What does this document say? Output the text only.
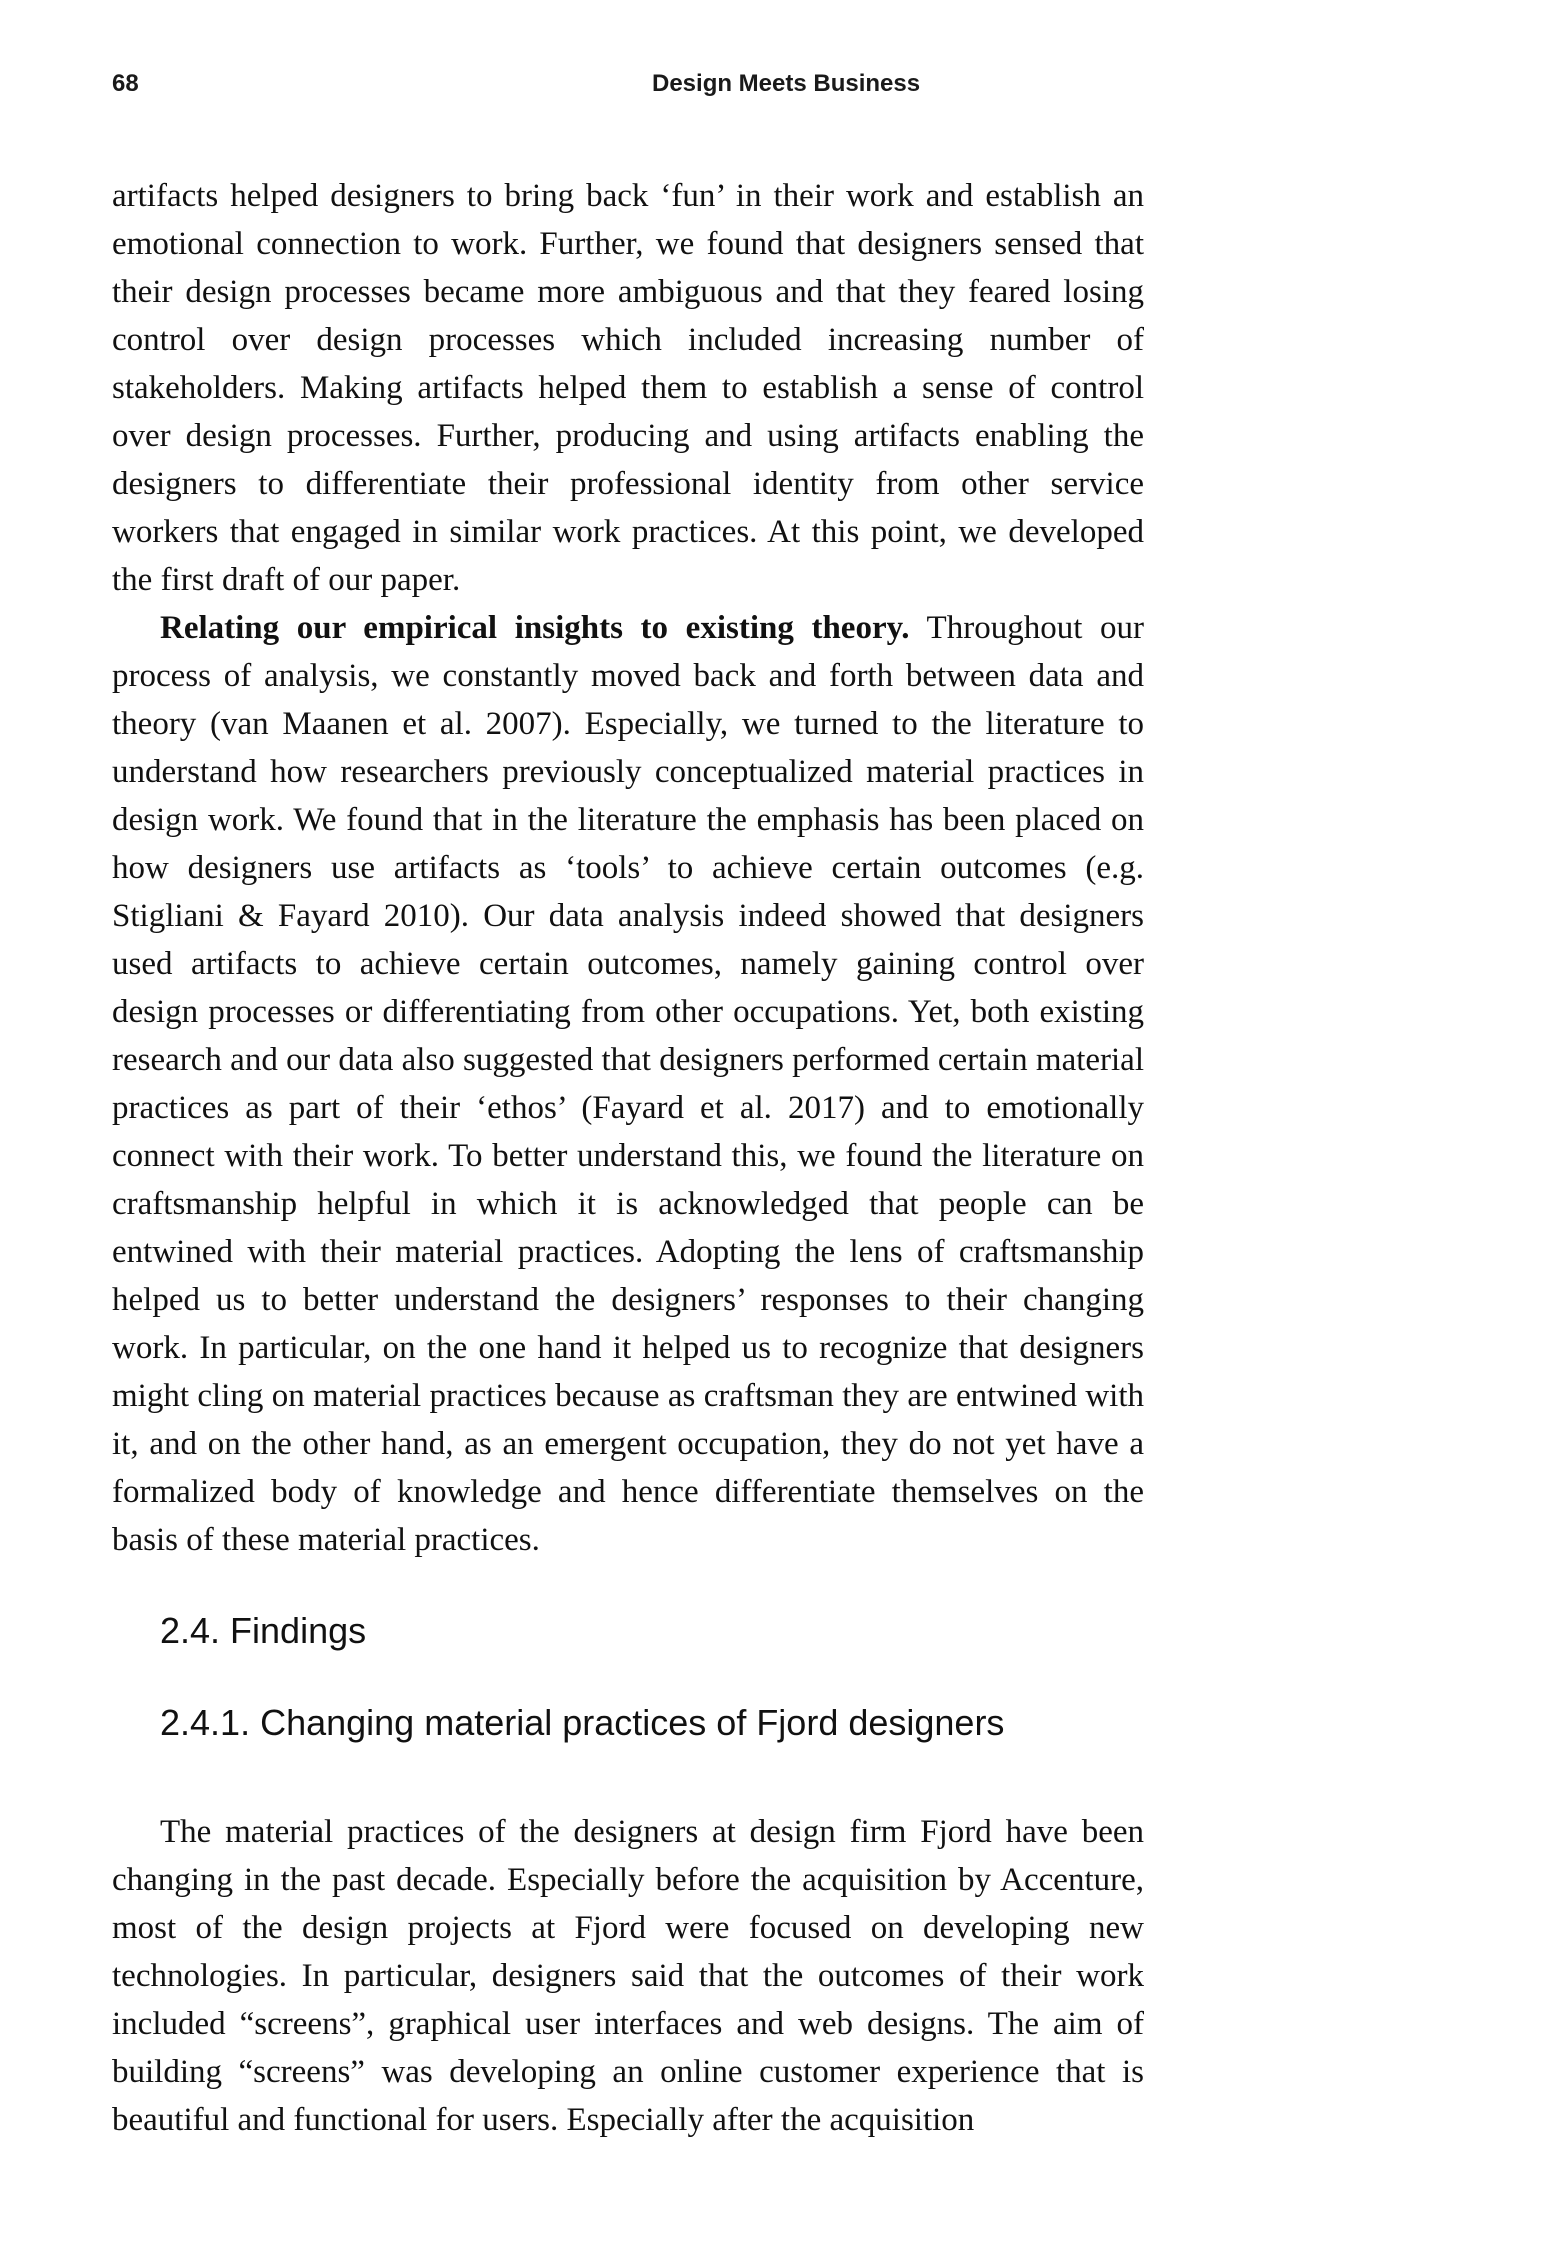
68	Design Meets Business

artifacts helped designers to bring back ‘fun’ in their work and establish an emotional connection to work. Further, we found that designers sensed that their design processes became more ambiguous and that they feared losing control over design processes which included increasing number of stakeholders. Making artifacts helped them to establish a sense of control over design processes. Further, producing and using artifacts enabling the designers to differentiate their professional identity from other service workers that engaged in similar work practices. At this point, we developed the first draft of our paper.

Relating our empirical insights to existing theory. Throughout our process of analysis, we constantly moved back and forth between data and theory (van Maanen et al. 2007). Especially, we turned to the literature to understand how researchers previously conceptualized material practices in design work. We found that in the literature the emphasis has been placed on how designers use artifacts as ‘tools’ to achieve certain outcomes (e.g. Stigliani & Fayard 2010). Our data analysis indeed showed that designers used artifacts to achieve certain outcomes, namely gaining control over design processes or differentiating from other occupations. Yet, both existing research and our data also suggested that designers performed certain material practices as part of their ‘ethos’ (Fayard et al. 2017) and to emotionally connect with their work. To better understand this, we found the literature on craftsmanship helpful in which it is acknowledged that people can be entwined with their material practices. Adopting the lens of craftsmanship helped us to better understand the designers’ responses to their changing work. In particular, on the one hand it helped us to recognize that designers might cling on material practices because as craftsman they are entwined with it, and on the other hand, as an emergent occupation, they do not yet have a formalized body of knowledge and hence differentiate themselves on the basis of these material practices.

2.4. Findings
2.4.1. Changing material practices of Fjord designers

The material practices of the designers at design firm Fjord have been changing in the past decade. Especially before the acquisition by Accenture, most of the design projects at Fjord were focused on developing new technologies. In particular, designers said that the outcomes of their work included “screens”, graphical user interfaces and web designs. The aim of building “screens” was developing an online customer experience that is beautiful and functional for users. Especially after the acquisition
